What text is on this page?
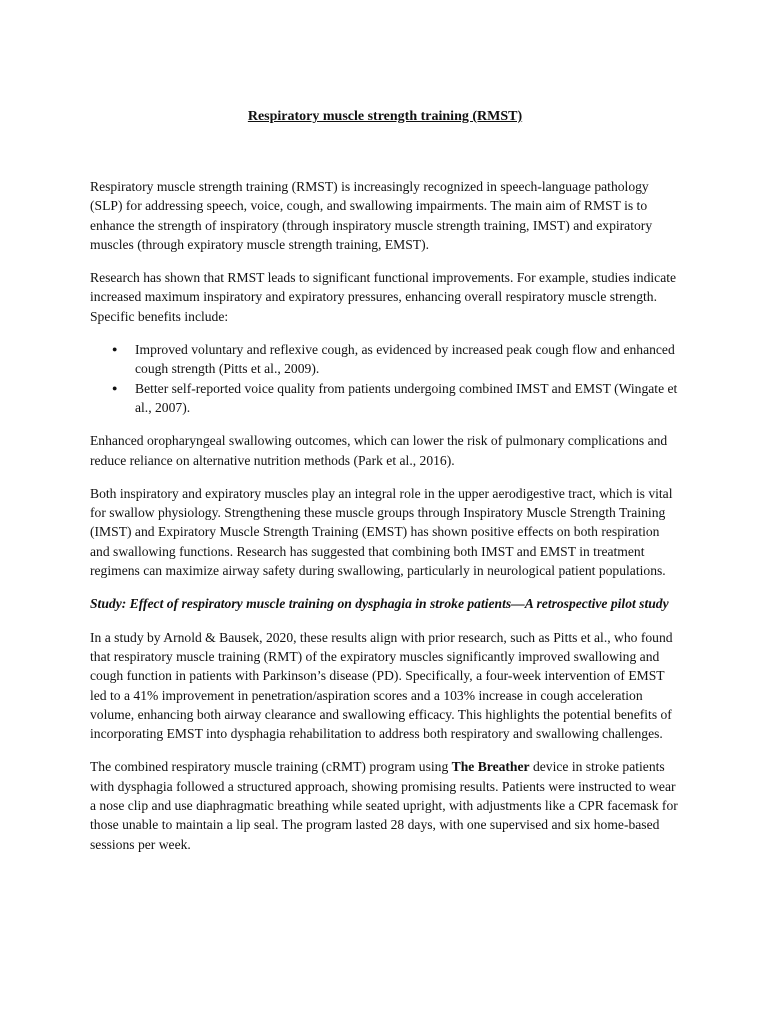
Respiratory muscle strength training (RMST)

Respiratory muscle strength training (RMST) is increasingly recognized in speech-language pathology (SLP) for addressing speech, voice, cough, and swallowing impairments. The main aim of RMST is to enhance the strength of inspiratory (through inspiratory muscle strength training, IMST) and expiratory muscles (through expiratory muscle strength training, EMST).

Research has shown that RMST leads to significant functional improvements. For example, studies indicate increased maximum inspiratory and expiratory pressures, enhancing overall respiratory muscle strength. Specific benefits include:

● Improved voluntary and reflexive cough, as evidenced by increased peak cough flow and enhanced cough strength (Pitts et al., 2009).
● Better self-reported voice quality from patients undergoing combined IMST and EMST (Wingate et al., 2007).

Enhanced oropharyngeal swallowing outcomes, which can lower the risk of pulmonary complications and reduce reliance on alternative nutrition methods (Park et al., 2016).

Both inspiratory and expiratory muscles play an integral role in the upper aerodigestive tract, which is vital for swallow physiology. Strengthening these muscle groups through Inspiratory Muscle Strength Training (IMST) and Expiratory Muscle Strength Training (EMST) has shown positive effects on both respiration and swallowing functions. Research has suggested that combining both IMST and EMST in treatment regimens can maximize airway safety during swallowing, particularly in neurological patient populations.

Study: Effect of respiratory muscle training on dysphagia in stroke patients—A retrospective pilot study

In a study by Arnold & Bausek, 2020, these results align with prior research, such as Pitts et al., who found that respiratory muscle training (RMT) of the expiratory muscles significantly improved swallowing and cough function in patients with Parkinson’s disease (PD). Specifically, a four-week intervention of EMST led to a 41% improvement in penetration/aspiration scores and a 103% increase in cough acceleration volume, enhancing both airway clearance and swallowing efficacy. This highlights the potential benefits of incorporating EMST into dysphagia rehabilitation to address both respiratory and swallowing challenges.

The combined respiratory muscle training (cRMT) program using The Breather device in stroke patients with dysphagia followed a structured approach, showing promising results. Patients were instructed to wear a nose clip and use diaphragmatic breathing while seated upright, with adjustments like a CPR facemask for those unable to maintain a lip seal. The program lasted 28 days, with one supervised and six home-based sessions per week.
